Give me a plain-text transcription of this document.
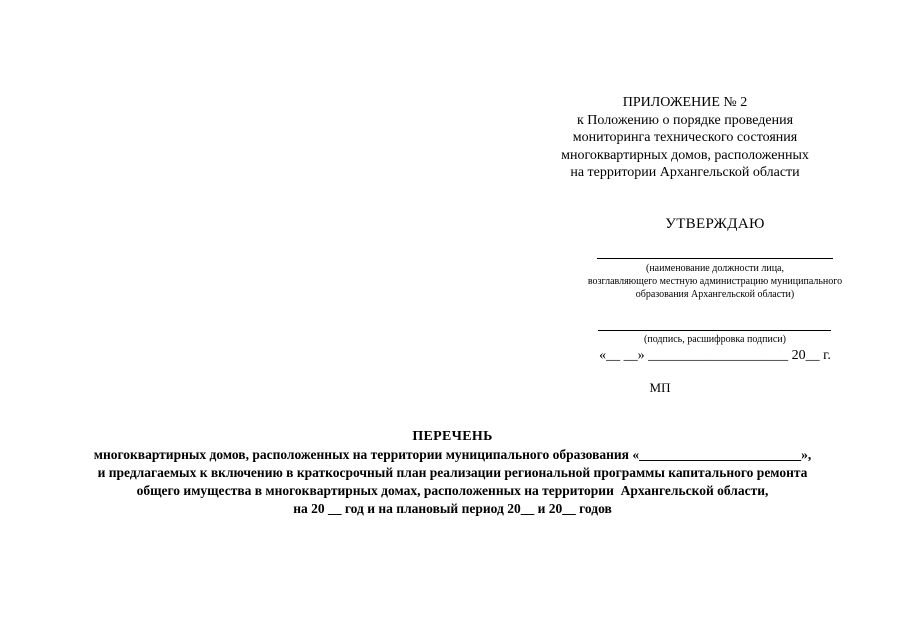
ПРИЛОЖЕНИЕ № 2
к Положению о порядке проведения
мониторинга технического состояния
многоквартирных домов, расположенных
на территории Архангельской области
УТВЕРЖДАЮ
(наименование должности лица,
возглавляющего местную администрацию муниципального
образования Архангельской области)
(подпись, расшифровка подписи)
«__ __» ____________________ 20__ г.
МП
ПЕРЕЧЕНЬ
многоквартирных домов, расположенных на территории муниципального образования «________________________»,
и предлагаемых к включению в краткосрочный план реализации региональной программы капитального ремонта
общего имущества в многоквартирных домах, расположенных на территории  Архангельской области,
на 20 __ год и на плановый период 20__ и 20__ годов
